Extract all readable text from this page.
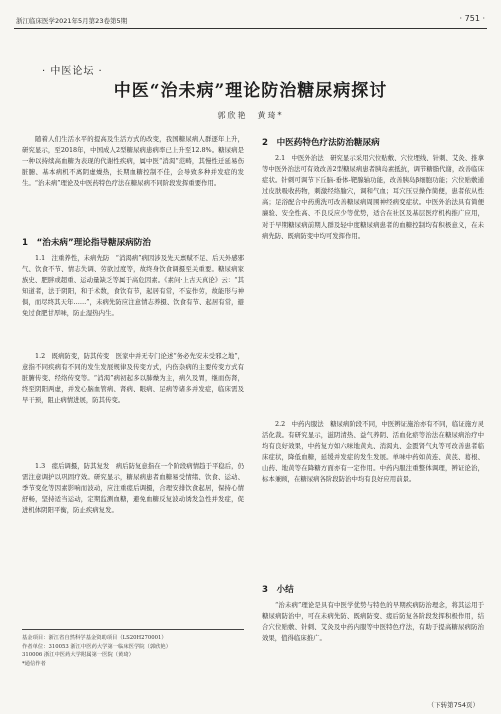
浙江临床医学2021年5月第23卷第5期	· 751 ·
· 中医论坛 ·
中医“治未病”理论防治糖尿病探讨
郭欣艳　黄琦*

随着人们生活水平的提高及生活方式的改变，我国糖尿病人群逐年上升，研究显示，至2018年，中国成人2型糖尿病患病率已上升至12.8%。糖尿病是一种以持续高血糖为表现的代谢性疾病，属中医“消渴”范畴，其慢性迁延易伤脏腑、基本病机不离阴虚燥热，长期血糖控制不佳，会导致多种并发症的发生。“治未病”理论及中医药特色疗法在糖尿病不同阶段发挥重要作用。

1　“治未病”理论指导糖尿病防治

1.1　注重养性，未病先防　“消渴病”病因涉及先天禀赋不足、后天外感邪气、饮食不节、情志失调、劳欲过度等，故终身饮食调摄至关重要。糖尿病家族史、肥胖或超重、运动量缺乏等属于高危因素。《素问·上古天真论》云：“其知道者，法于阴阳，和于术数，食饮有节，起居有常，不妄作劳，故能形与神俱，而尽终其天年……”，未病先防应注意情志养摄、饮食有节、起居有常，避免过食肥甘厚味，防止湿热内生。

1.2　既病防变，防其传变　医家中并无专门论述“务必先安未受邪之地”，意指不同疾病有不同的发生发展规律及传变方式，内伤杂病的主要传变方式有脏腑传变、经络传变等。“消渴”病初起多以肺燥为主，病久及胃，继而伤肾，终至阴阳两虚，并发心脑血管病、肾病、眼病、足病等诸多并发症，临床需及早干预，阻止病情进展，防其传变。

1.3　瘥后调摄，防其复发　病后防复意指在一个阶段病情趋于平稳后，仍需注意调护以巩固疗效。研究显示，糖尿病患者血糖易受情绪、饮食、运动、季节变化等因素影响而波动，应注重瘥后调摄，合理安排饮食起居，保持心情舒畅，坚持适当运动，定期监测血糖，避免血糖反复波动诱发急性并发症，促进机体阴阳平衡，防止疾病复发。

2　中医药特色疗法防治糖尿病

2.1　中医外治法　研究显示采用穴位贴敷、穴位埋线、针刺、艾灸、推拿等中医外治法可有效改善2型糖尿病患者胰岛素抵抗，调节糖脂代谢，改善临床症状。针刺可调节下丘脑-垂体-靶腺轴功能，改善胰岛β细胞功能；穴位贴敷通过皮肤吸收药物，刺激经络腧穴，调和气血；耳穴压豆操作简便，患者依从性高；足浴配合中药熏洗可改善糖尿病周围神经病变症状。中医外治法具有简便廉验、安全性高、不良反应少等优势，适合在社区及基层医疗机构推广应用，对于早期糖尿病前期人群及轻中度糖尿病患者的血糖控制均有积极意义，在未病先防、既病防变中均可发挥作用。

2.2　中药内服法　糖尿病阶段不同，中医辨证施治亦有不同，临证施方灵活化裁。有研究显示，滋阴清热、益气养阴、活血化瘀等治法在糖尿病治疗中均有良好效果，中药复方如六味地黄丸、消渴丸、金匮肾气丸等可改善患者临床症状，降低血糖，延缓并发症的发生发展。单味中药如黄连、黄芪、葛根、山药、地黄等在降糖方面亦有一定作用。中药内服注重整体调理，辨证论治，标本兼顾，在糖尿病各阶段防治中均有良好应用前景。

3　小结

“治未病”理论是具有中医学优势与特色的早期疾病防治理念，将其运用于糖尿病防治中，可在未病先防、既病防变、瘥后防复各阶段发挥积极作用，结合穴位贴敷、针刺、艾灸及中药内服等中医特色疗法，有助于提高糖尿病防治效果，值得临床推广。

基金项目：浙江省自然科学基金资助项目（LS20H270001）
作者单位：310053 浙江中医药大学第一临床医学院（郭欣艳）
310006 浙江中医药大学附属第一医院（黄琦）
*通信作者
（下转第754页）
